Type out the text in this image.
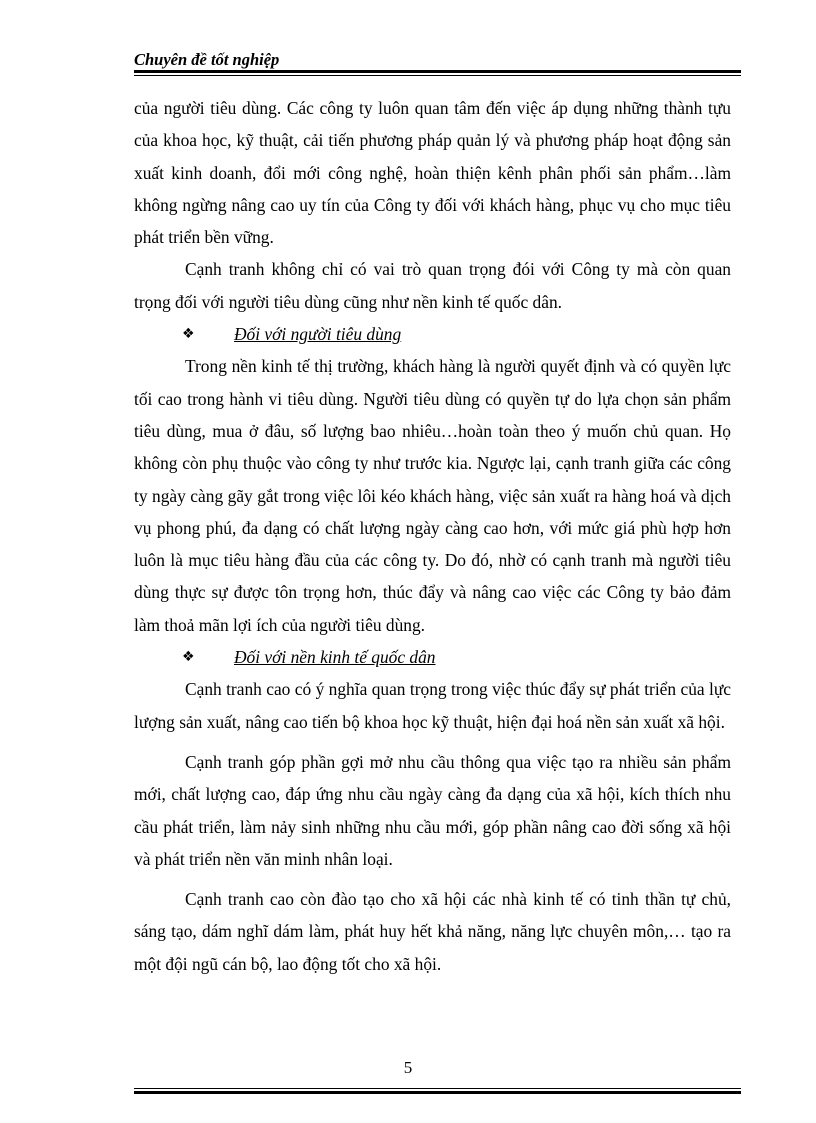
Chuyên đề tốt nghiệp

của người tiêu dùng. Các công ty luôn quan tâm đến việc áp dụng những thành tựu của khoa học, kỹ thuật, cải tiến phương pháp quản lý và phương pháp hoạt động sản xuất kinh doanh, đổi mới công nghệ, hoàn thiện kênh phân phối sản phẩm…làm không ngừng nâng cao uy tín của Công ty đối với khách hàng, phục vụ cho mục tiêu phát triển bền vững.

Cạnh tranh không chỉ có vai trò quan trọng đói với Công ty mà còn quan trọng đối với người tiêu dùng cũng như nền kinh tế quốc dân.

❖	Đối với người tiêu dùng

Trong nền kinh tế thị trường, khách hàng là người quyết định và có quyền lực tối cao trong hành vi tiêu dùng. Người tiêu dùng có quyền tự do lựa chọn sản phẩm tiêu dùng, mua ở đâu, số lượng bao nhiêu…hoàn toàn theo ý muốn chủ quan. Họ không còn phụ thuộc vào công ty như trước kia. Ngược lại, cạnh tranh giữa các công ty ngày càng gãy gắt trong việc lôi kéo khách hàng, việc sản xuất ra hàng hoá và dịch vụ phong phú, đa dạng có chất lượng ngày càng cao hơn, với mức giá phù hợp hơn luôn là mục tiêu hàng đầu của các công ty. Do đó, nhờ có cạnh tranh mà người tiêu dùng thực sự được tôn trọng hơn, thúc đẩy và nâng cao việc các Công ty bảo đảm làm thoả mãn lợi ích của người tiêu dùng.

❖	Đối với nền kinh tế quốc dân

Cạnh tranh cao có ý nghĩa quan trọng trong việc thúc đẩy sự phát triển của lực lượng sản xuất, nâng cao tiến bộ khoa học kỹ thuật, hiện đại hoá nền sản xuất xã hội.

Cạnh tranh góp phần gợi mở nhu cầu thông qua việc tạo ra nhiều sản phẩm mới, chất lượng cao, đáp ứng nhu cầu ngày càng đa dạng của xã hội, kích thích nhu cầu phát triển, làm nảy sinh những nhu cầu mới, góp phần nâng cao đời sống xã hội và phát triển nền văn minh nhân loại.

Cạnh tranh cao còn đào tạo cho xã hội các nhà kinh tế có tinh thần tự chủ, sáng tạo, dám nghĩ dám làm, phát huy hết khả năng, năng lực chuyên môn,… tạo ra một đội ngũ cán bộ, lao động tốt cho xã hội.

5
